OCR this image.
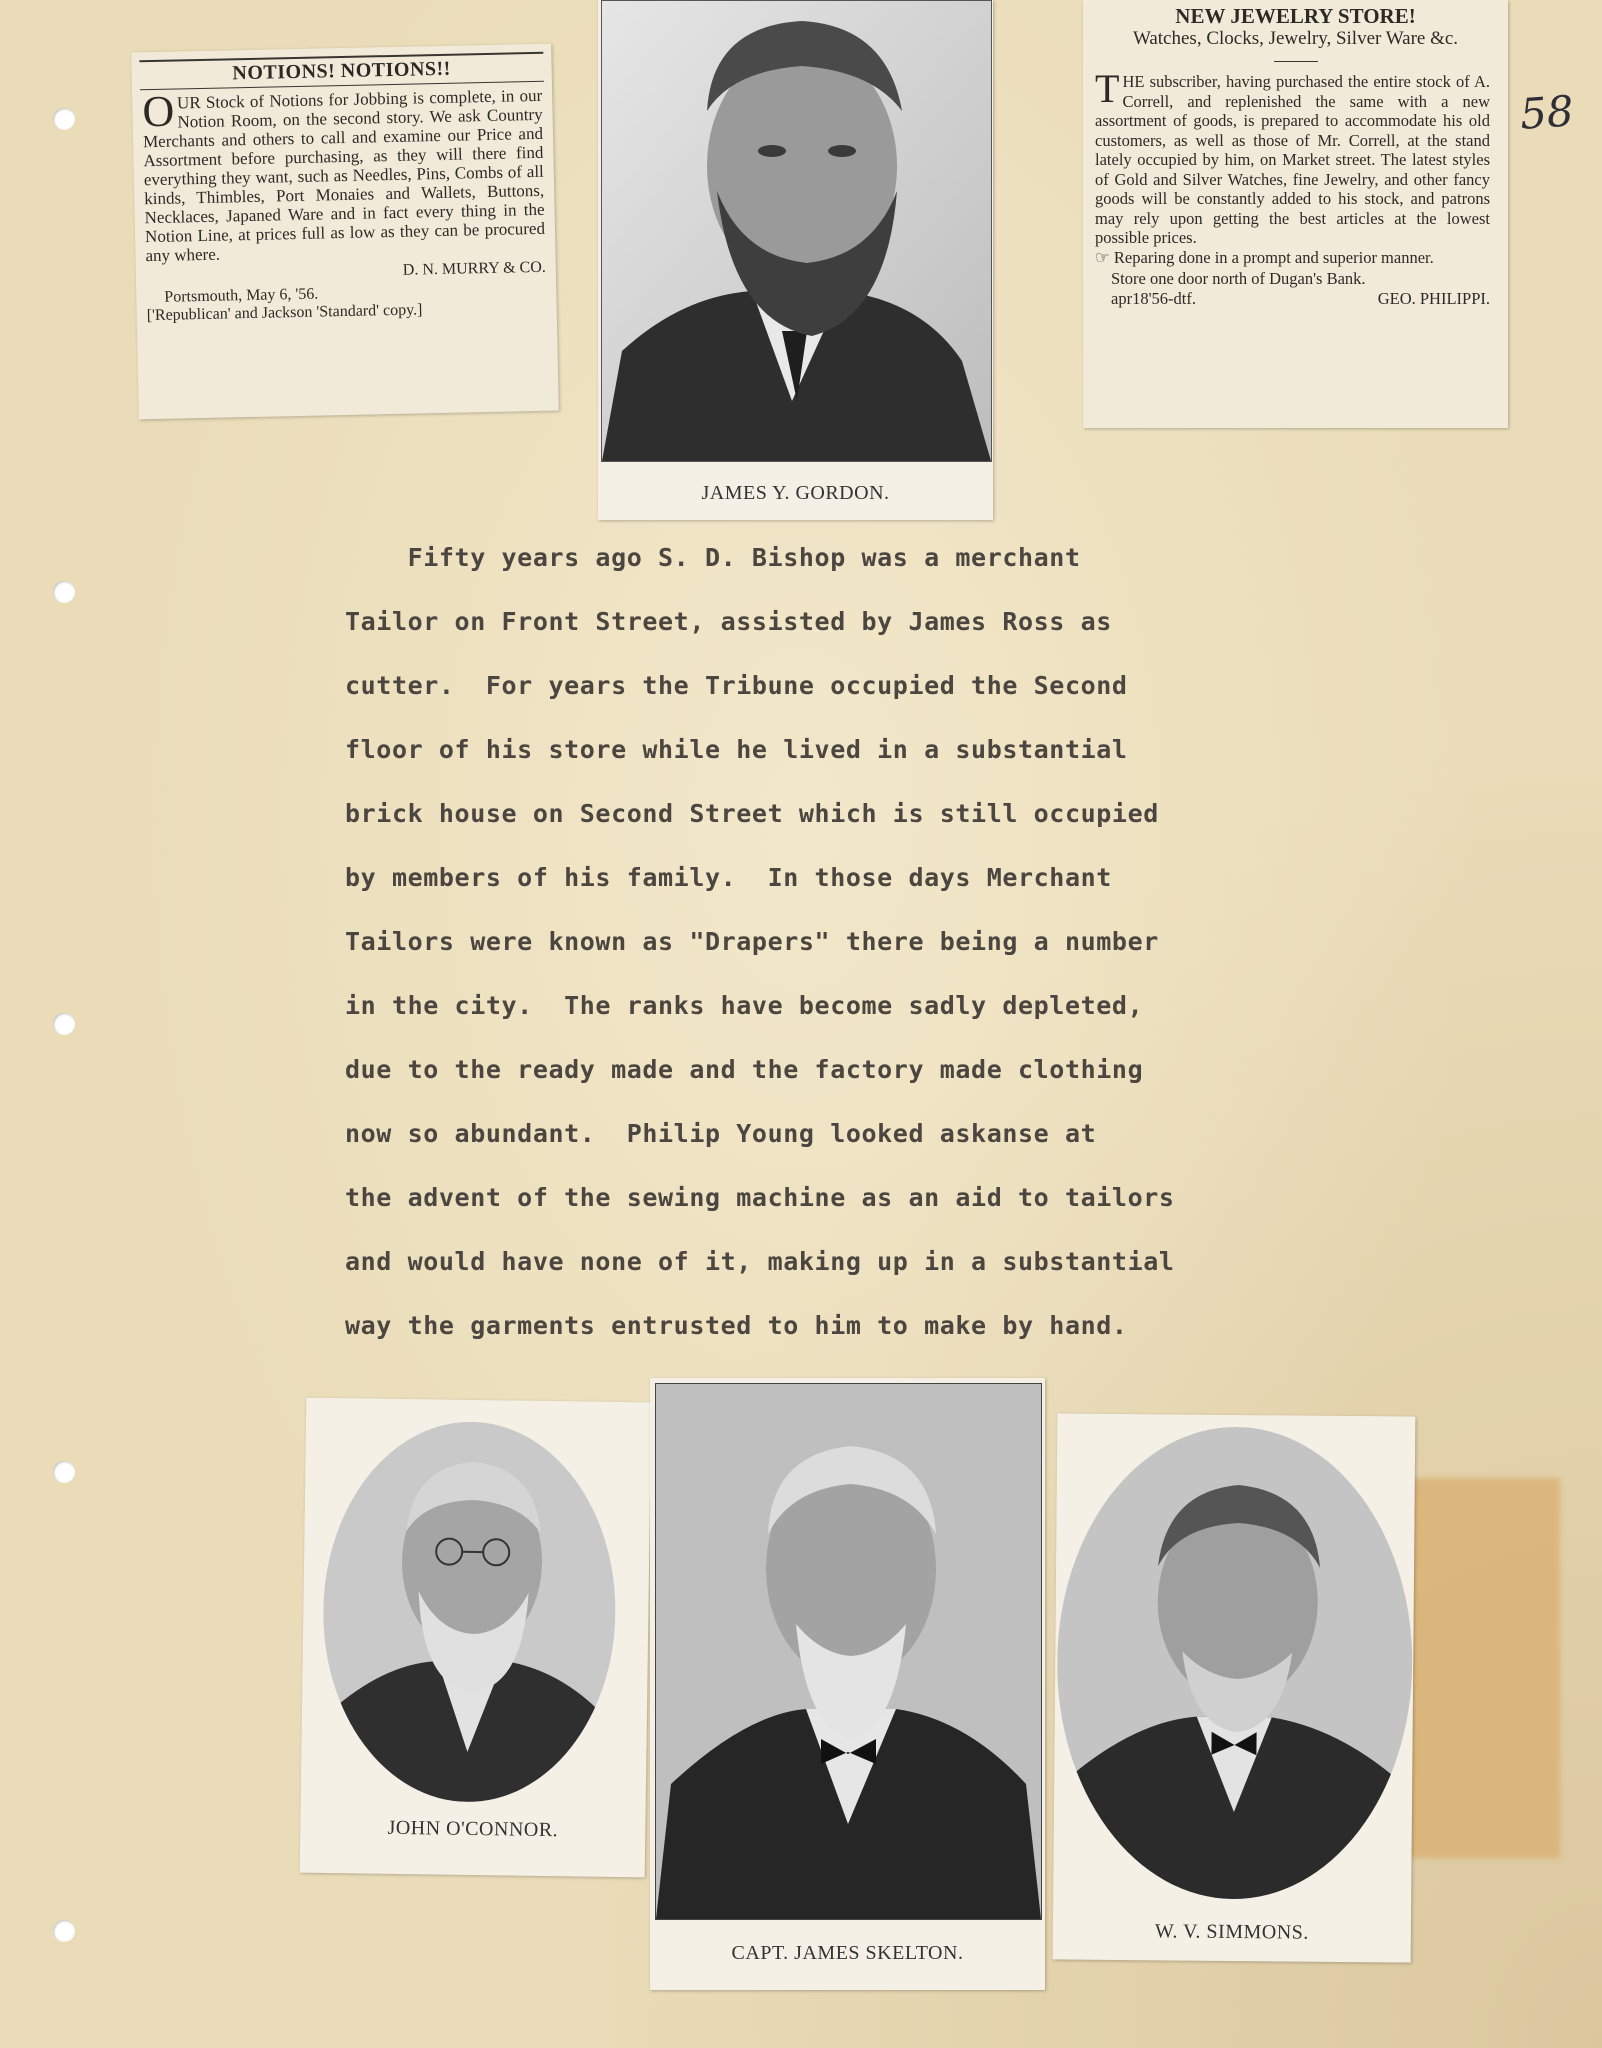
NOTIONS! NOTIONS!!
OUR Stock of Notions for Jobbing is complete, in our Notion Room, on the second story. We ask Country Merchants and others to call and examine our Price and Assortment before purchasing, as they will there find everything they want, such as Needles, Pins, Combs of all kinds, Thimbles, Port Monaies and Wallets, Buttons, Necklaces, Japaned Ware and in fact every thing in the Notion Line, at prices full as low as they can be procured any where.
D. N. MURRY & CO.
Portsmouth, May 6, '56.
['Republican' and Jackson 'Standard' copy.]
JAMES Y. GORDON.
NEW JEWELRY STORE!
Watches, Clocks, Jewelry, Silver Ware &c.
THE subscriber, having purchased the entire stock of A. Correll, and replenished the same with a new assortment of goods, is prepared to accommodate his old customers, as well as those of Mr. Correll, at the stand lately occupied by him, on Market street. The latest styles of Gold and Silver Watches, fine Jewelry, and other fancy goods will be constantly added to his stock, and patrons may rely upon getting the best articles at the lowest possible prices.
☞ Reparing done in a prompt and superior manner.
Store one door north of Dugan's Bank.
apr18'56-dtf.	GEO. PHILIPPI.
58
Fifty years ago S. D. Bishop was a merchant
Tailor on Front Street, assisted by James Ross as
cutter.  For years the Tribune occupied the Second
floor of his store while he lived in a substantial
brick house on Second Street which is still occupied
by members of his family.  In those days Merchant
Tailors were known as "Drapers" there being a number
in the city.  The ranks have become sadly depleted,
due to the ready made and the factory made clothing
now so abundant.  Philip Young looked askanse at
the advent of the sewing machine as an aid to tailors
and would have none of it, making up in a substantial
way the garments entrusted to him to make by hand.
JOHN O'CONNOR.
CAPT. JAMES SKELTON.
W. V. SIMMONS.
